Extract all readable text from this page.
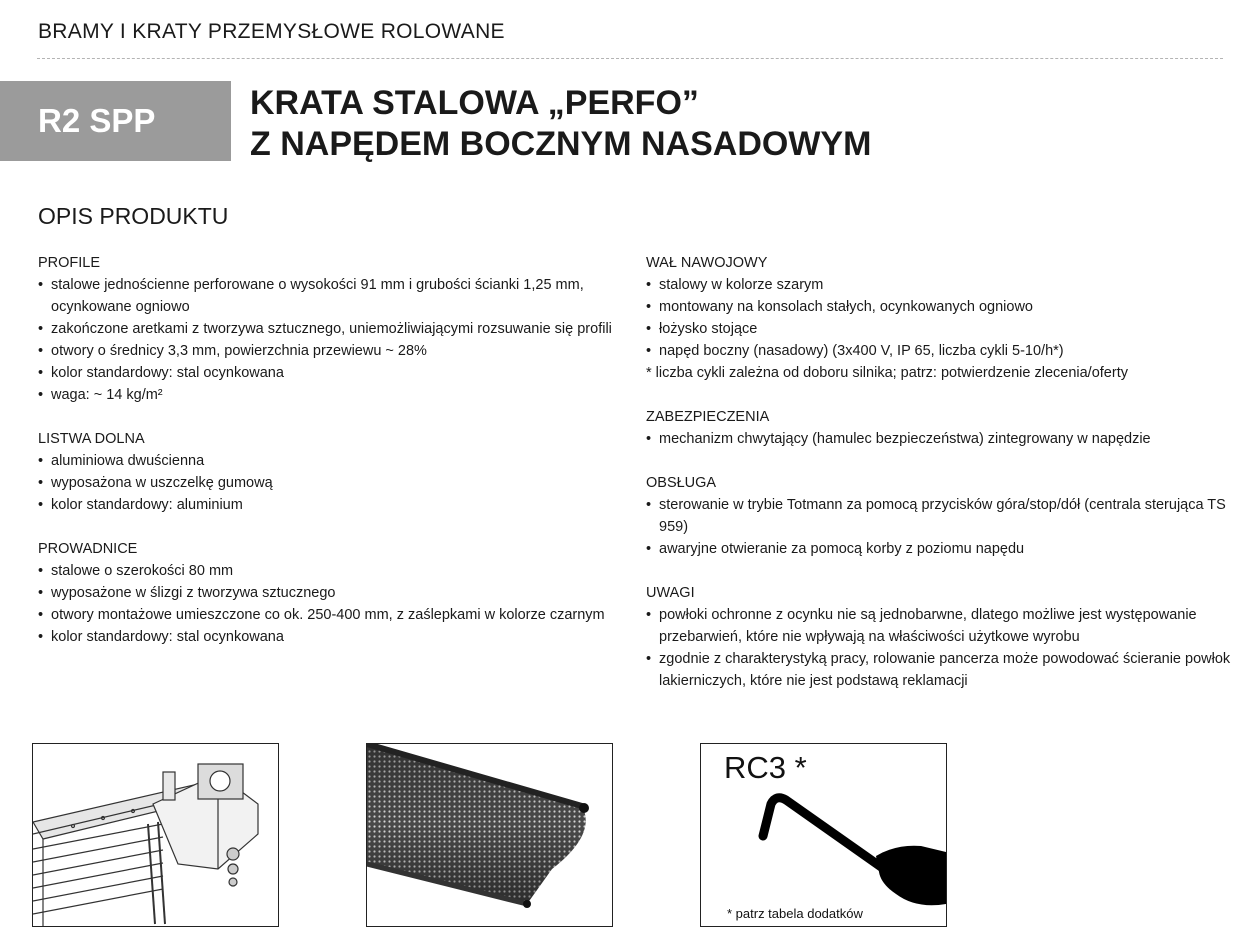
BRAMY I KRATY PRZEMYSŁOWE ROLOWANE
R2 SPP	KRATA STALOWA „PERFO”
Z NAPĘDEM BOCZNYM NASADOWYM
OPIS PRODUKTU
PROFILE
• stalowe jednościenne perforowane o wysokości 91 mm i grubości ścianki 1,25 mm, ocynkowane ogniowo
• zakończone aretkami z tworzywa sztucznego, uniemożliwiającymi rozsuwanie się profili
• otwory o średnicy 3,3 mm, powierzchnia przewiewu ~ 28%
• kolor standardowy: stal ocynkowana
• waga: ~ 14 kg/m²
LISTWA DOLNA
• aluminiowa dwuścienna
• wyposażona w uszczelkę gumową
• kolor standardowy: aluminium
PROWADNICE
• stalowe o szerokości 80 mm
• wyposażone w ślizgi z tworzywa sztucznego
• otwory montażowe umieszczone co ok. 250-400 mm, z zaślepkami w kolorze czarnym
• kolor standardowy: stal ocynkowana
WAŁ NAWOJOWY
• stalowy w kolorze szarym
• montowany na konsolach stałych, ocynkowanych ogniowo
• łożysko stojące
• napęd boczny (nasadowy) (3x400 V, IP 65, liczba cykli 5-10/h*)
* liczba cykli zależna od doboru silnika; patrz: potwierdzenie zlecenia/oferty
ZABEZPIECZENIA
• mechanizm chwytający (hamulec bezpieczeństwa) zintegrowany w napędzie
OBSŁUGA
• sterowanie w trybie Totmann za pomocą przycisków góra/stop/dół (centrala sterująca TS 959)
• awaryjne otwieranie za pomocą korby z poziomu napędu
UWAGI
• powłoki ochronne z ocynku nie są jednobarwne, dlatego możliwe jest występowanie przebarwień, które nie wpływają na właściwości użytkowe wyrobu
• zgodnie z charakterystyką pracy, rolowanie pancerza może powodować ścieranie powłok lakierniczych, które nie jest podstawą reklamacji
RC3 *
* patrz tabela dodatków
